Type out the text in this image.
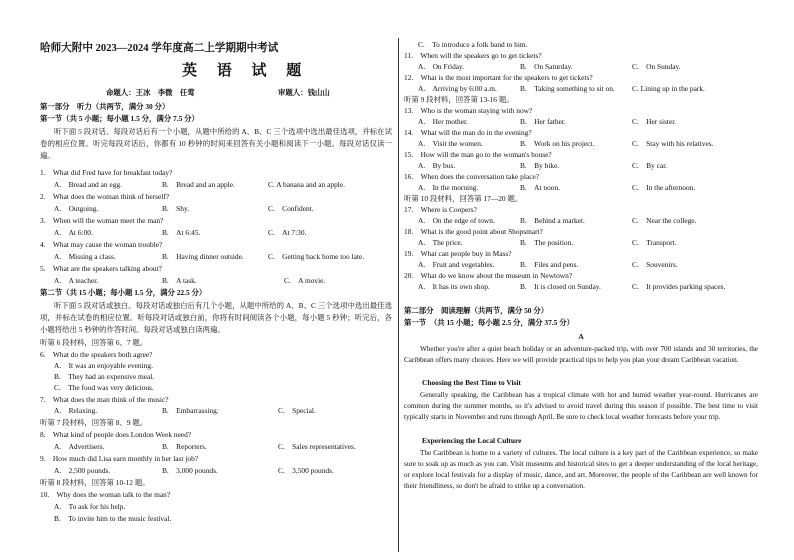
哈师大附中 2023—2024 学年度高二上学期期中考试
英 语 试 题
命题人：王冰　李微　任莺	审题人：钱山山
第一部分　听力（共两节，满分 30 分）
第一节（共 5 小题；每小题 1.5 分，满分 7.5 分）
听下面 5 段对话。每段对话后有一个小题，从题中所给的 A、B、C 三个选项中选出最佳选项，并标在试卷的相应位置。听完每段对话后，你都有 10 秒钟的时间来回答有关小题和阅读下一小题。每段对话仅读一遍。
1.　What did Fred have for breakfast today?
A.　Bread and an egg.	B.　Bread and an apple.	C. A banana and an apple.
2.　What does the woman think of herself?
A.　Outgoing.	B.　Shy.	C.　Confident.
3.　When will the woman meet the man?
A.　At 6:00.	B.　At 6:45.	C.　At 7:30.
4.　What may cause the woman trouble?
A.　Missing a class.	B.　Having dinner outside.	C.　Getting back home too late.
5.　What are the speakers talking about?
A.　A teacher.	B.　A task.	C.　A movie.
第二节（共 15 小题；每小题 1.5 分，满分 22.5 分）
听下面 5 段对话或独白。每段对话或独白后有几个小题，从题中所给的 A、B、C 三个选项中选出最佳选项，并标在试卷的相应位置。听每段对话或独白前，你将有时间阅读各个小题，每小题 5 秒钟；听完后，各小题将给出 5 秒钟的作答时间。每段对话或独白读两遍。
听第 6 段材料，回答第 6、7 题。
6.　What do the speakers both agree?
A.　It was an enjoyable evening.
B.　They had an expensive meal.
C.　The food was very delicious.
7.　What does the man think of the music?
A.　Relaxing.	B.　Embarrassing.	C.　Special.
听第 7 段材料，回答第 8、9 题。
8.　What kind of people does London Week need?
A.　Advertisers.	B.　Reporters.	C.　Sales representatives.
9.　How much did Lisa earn monthly in her last job?
A.　2,500 pounds.	B.　3,000 pounds.	C.　3,500 pounds.
听第 8 段材料，回答第 10-12 题。
10.　Why does the woman talk to the man?
A.　To ask for his help.
B.　To invite him to the music festival.
C.　To introduce a folk band to him.
11.　When will the speakers go to get tickets?
A.　On Friday.	B.　On Saturday.	C.　On Sunday.
12.　What is the most important for the speakers to get tickets?
A.　Arriving by 6:00 a.m.	B.　Taking something to sit on. C. Lining up in the park.
听第 9 段材料，回答第 13-16 题。
13.　Who is the woman staying with now?
A.　Her mother.	B.　Her father.	C.　Her sister.
14.　What will the man do in the evening?
A.　Visit the women.	B.　Work on his project.	C.　Stay with his relatives.
15.　How will the man go to the woman's house?
A.　By bus.	B.　By bike.	C.　By car.
16.　When does the conversation take place?
A.　In the morning.	B.　At noon.	C.　In the afternoon.
听第 10 段材料，回答第 17—20 题。
17.　Where is Coopers?
A.　On the edge of town.	B.　Behind a market.	C.　Near the college.
18.　What is the good point about Shopsmart?
A.　The price.	B.　The position.	C.　Transport.
19.　What can people buy in Mass?
A.　Fruit and vegetables.	B.　Files and pens.	C.　Souvenirs.
20.　What do we know about the museum in Newtown?
A.　It has its own shop.	B.　It is closed on Sunday.	C.　It provides parking spaces.
第二部分　阅读理解（共两节，满分 50 分）
第一节　（共 15 小题；每小题 2.5 分，满分 37.5 分）
A
Whether you're after a quiet beach holiday or an adventure-packed trip, with over 700 islands and 30 territories, the Caribbean offers many choices. Here we will provide practical tips to help you plan your dream Caribbean vacation.
Choosing the Best Time to Visit
Generally speaking, the Caribbean has a tropical climate with hot and humid weather year-round. Hurricanes are common during the summer months, so it's advised to avoid travel during this season if possible. The best time to visit typically starts in November and runs through April. Be sure to check local weather forecasts before your trip.
Experiencing the Local Culture
The Caribbean is home to a variety of cultures. The local culture is a key part of the Caribbean experience, so make sure to soak up as much as you can. Visit museums and historical sites to get a deeper understanding of the local heritage, or explore local festivals for a display of music, dance, and art. Moreover, the people of the Caribbean are well known for their friendliness, so don't be afraid to strike up a conversation.
